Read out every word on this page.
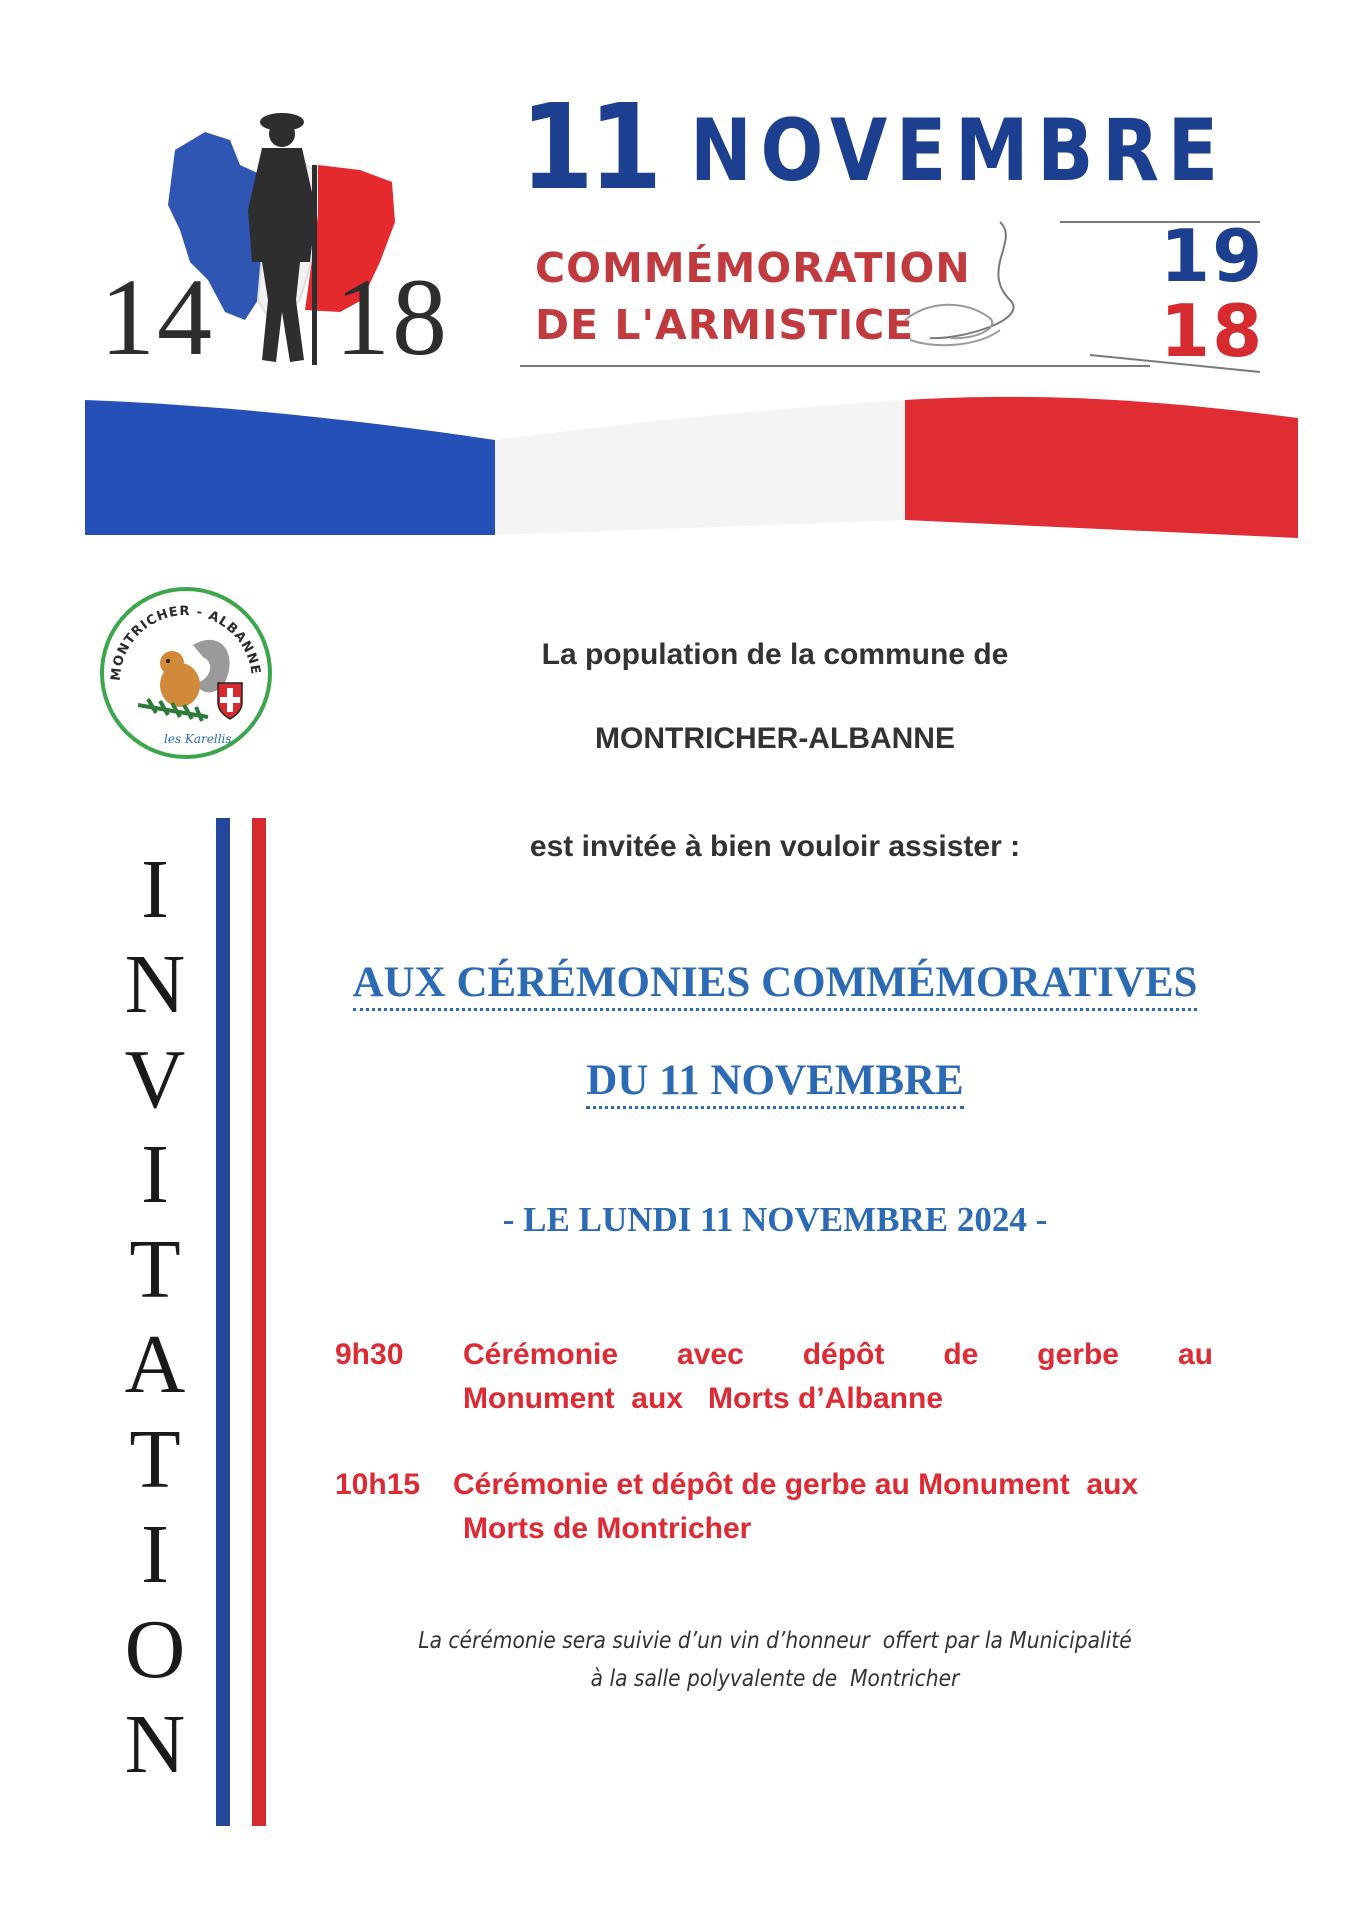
14 18
11 NOVEMBRE
COMMÉMORATION
DE L'ARMISTICE
19
18
MONTRICHER - ALBANNE
les Karellis
I
N
V
I
T
A
T
I
O
N
La population de la commune de
MONTRICHER-ALBANNE
est invitée à bien vouloir assister :
AUX CÉRÉMONIES COMMÉMORATIVES
DU 11 NOVEMBRE
- LE LUNDI 11 NOVEMBRE 2024 -
9h30 Cérémonie avec dépôt de gerbe au
Monument  aux   Morts d’Albanne
10h15 Cérémonie et dépôt de gerbe au Monument  aux
Morts de Montricher
La cérémonie sera suivie d’un vin d’honneur  offert par la Municipalité
à la salle polyvalente de  Montricher
